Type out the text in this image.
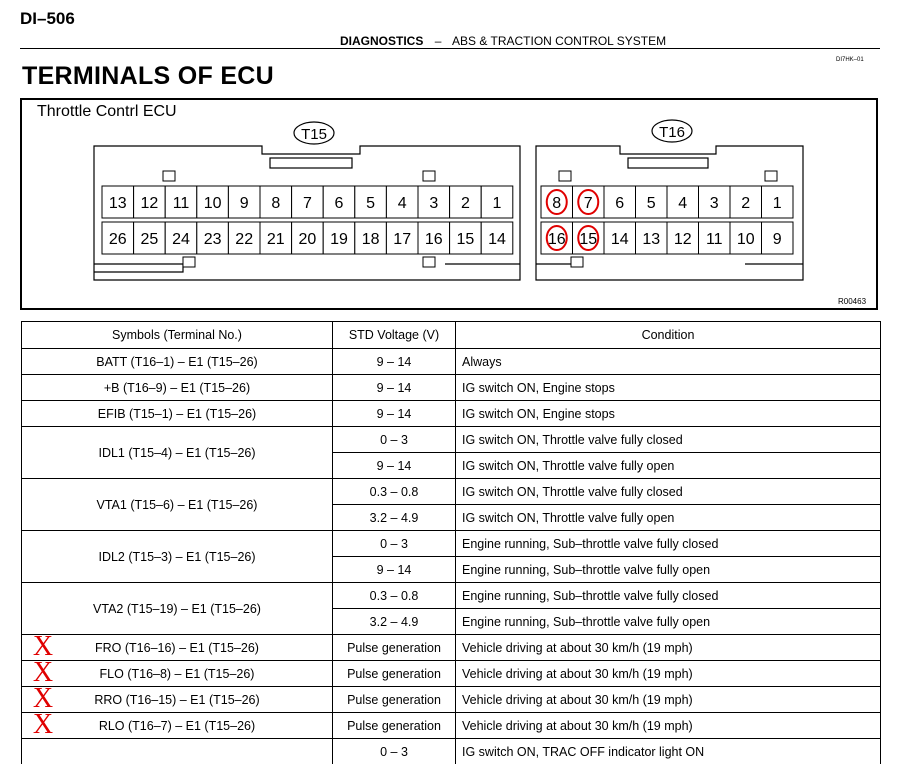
DI–506
DIAGNOSTICS – ABS & TRACTION CONTROL SYSTEM
DI7HK–01
TERMINALS OF ECU
Throttle Contrl ECU
R00463
T15	T16
13 12 11 10 9 8 7 6 5 4 3 2 1
26 25 24 23 22 21 20 19 18 17 16 15 14
8 7 6 5 4 3 2 1
16 15 14 13 12 11 10 9
Symbols (Terminal No.)	STD Voltage (V)	Condition
BATT (T16–1) – E1 (T15–26)	9 – 14	Always
+B (T16–9) – E1 (T15–26)	9 – 14	IG switch ON, Engine stops
EFIB (T15–1) – E1 (T15–26)	9 – 14	IG switch ON, Engine stops
IDL1 (T15–4) – E1 (T15–26)	0 – 3	IG switch ON, Throttle valve fully closed
	9 – 14	IG switch ON, Throttle valve fully open
VTA1 (T15–6) – E1 (T15–26)	0.3 – 0.8	IG switch ON, Throttle valve fully closed
	3.2 – 4.9	IG switch ON, Throttle valve fully open
IDL2 (T15–3) – E1 (T15–26)	0 – 3	Engine running, Sub–throttle valve fully closed
	9 – 14	Engine running, Sub–throttle valve fully open
VTA2 (T15–19) – E1 (T15–26)	0.3 – 0.8	Engine running, Sub–throttle valve fully closed
	3.2 – 4.9	Engine running, Sub–throttle valve fully open
FRO (T16–16) – E1 (T15–26)	Pulse generation	Vehicle driving at about 30 km/h (19 mph)
FLO (T16–8) – E1 (T15–26)	Pulse generation	Vehicle driving at about 30 km/h (19 mph)
RRO (T16–15) – E1 (T15–26)	Pulse generation	Vehicle driving at about 30 km/h (19 mph)
RLO (T16–7) – E1 (T15–26)	Pulse generation	Vehicle driving at about 30 km/h (19 mph)
	0 – 3	IG switch ON, TRAC OFF indicator light ON
X
X
X
X
